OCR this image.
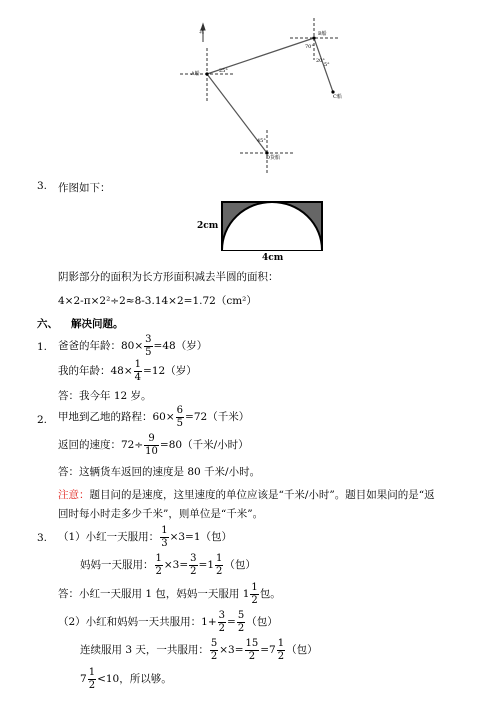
北
A船	25°
B船
70°
20°
5°
C船
45°
D货船
3. 作图如下：
2cm
4cm
阴影部分的面积为长方形面积减去半圆的面积：
4×2-π×2²÷2≈8-3.14×2=1.72（cm²）
六、 解决问题。
1. 爸爸的年龄：$80\times \frac{3}{5} =48$（岁）
我的年龄：$48\times \frac{1}{4} =12$（岁）
答：我今年 12 岁。
2. 甲地到乙地的路程：$60\times \frac{6}{5} =72$（千米）
返回的速度：$72\div \frac{9}{10} =80$（千米/小时）
答：这辆货车返回的速度是 80 千米/小时。
注意：题目问的是速度，这里速度的单位应该是“千米/小时”。题目如果问的是“返
回时每小时走多少千米”，则单位是“千米”。
3. （1）小红一天服用： $\frac{1}{3} \times 3=1$（包）
妈妈一天服用： $\frac{1}{2} \times 3= \frac{3}{2} =1 \frac{1}{2}$ （包）
答：小红一天服用 1 包，妈妈一天服用 $1 \frac{1}{2}$ 包。
（2）小红和妈妈一天共服用：$1+ \frac{3}{2} = \frac{5}{2}$ （包）
连续服用 3 天，一共服用： $\frac{5}{2} \times 3= \frac{15}{2} =7 \frac{1}{2}$ （包）
$7 \frac{1}{2} <10$，所以够。
